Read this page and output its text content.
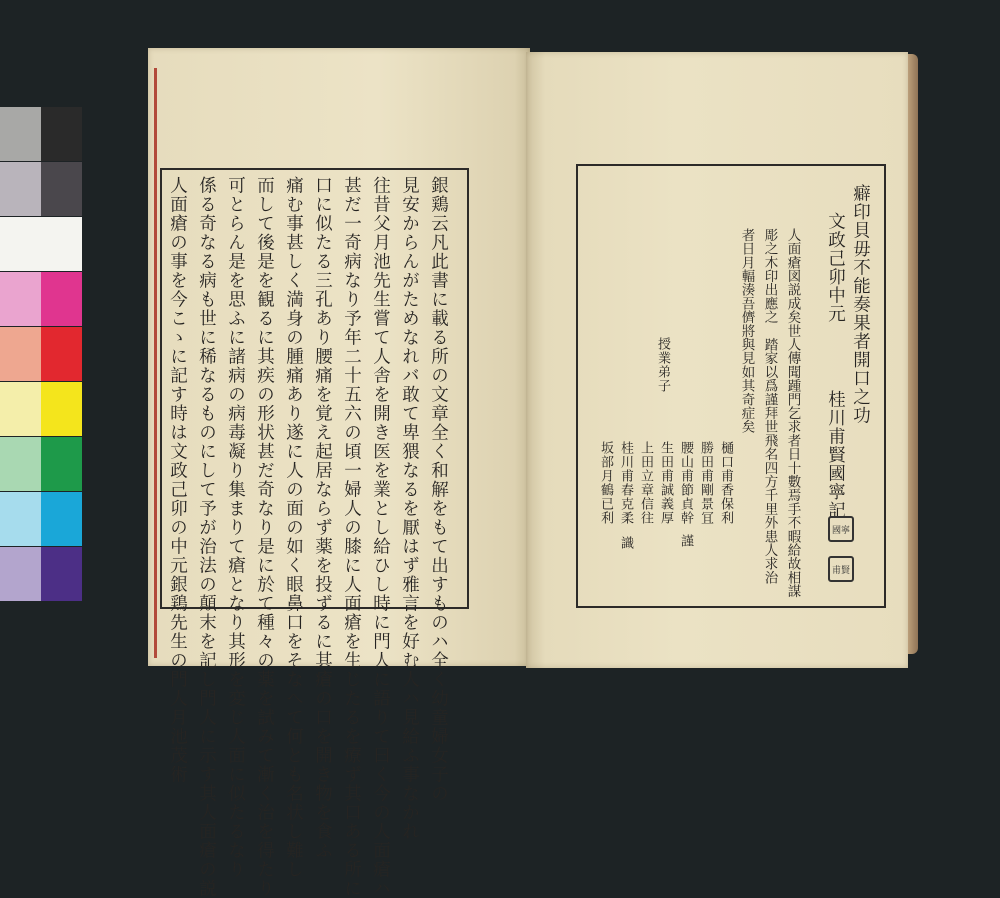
銀鶏云凡此書に載る所の文章全く和解をもて出すものハ全く幼童婦女子の
見安からんがためなれバ敢て卑猥なるを厭はず雅言を好む人ハ見給ふ事なかれ
往昔父月池先生嘗て人舎を開き医を業とし給ひし時に門人に語りて曰く今の人面瘡ハ
甚だ一奇病なり予年二十五六の頃一婦人の膝に人面瘡を生じたるを療ず其口ある所に
口に似たる三孔あり腰痛を覚え起居ならず薬を投ずるに其瘡の口を開き物を食ふ
痛む事甚しく満身の腫痛あり遂に人の面の如く眼鼻口をそなへて何とも名状し難し
而して後是を観るに其疾の形状甚だ奇なり是に於て種々の薬を試みて漸く治を得たり
可とらん是を思ふに諸病の病毒凝り集まりて瘡となり其形を変じ人面に似たるなり
係る奇なる病も世に稀なるものにして予が治法の顛末を記し門人に示す其人面瘡の説
人面瘡の事を今こゝに記す時は文政己卯の中元銀鶏先生の門人月池茂術	癖印貝毋不能奏果者開口之功
文政己卯中元
桂川甫賢國寧記
人面瘡図説成矣世人傳聞踵門乞求者日十數焉手不暇給故相謀
彫之木印出應之　踏家以爲謹拜世飛名四方千里外患人求治
者日月輻湊吾儕將與見如其奇症矣
授業弟子
樋口甫香保利
勝田甫剛景冝
腰山甫節貞幹
生田甫誠義厚
上田立章信往
桂川甫春克柔
坂部月鶴已利
謹
識
國寧
甫賢
